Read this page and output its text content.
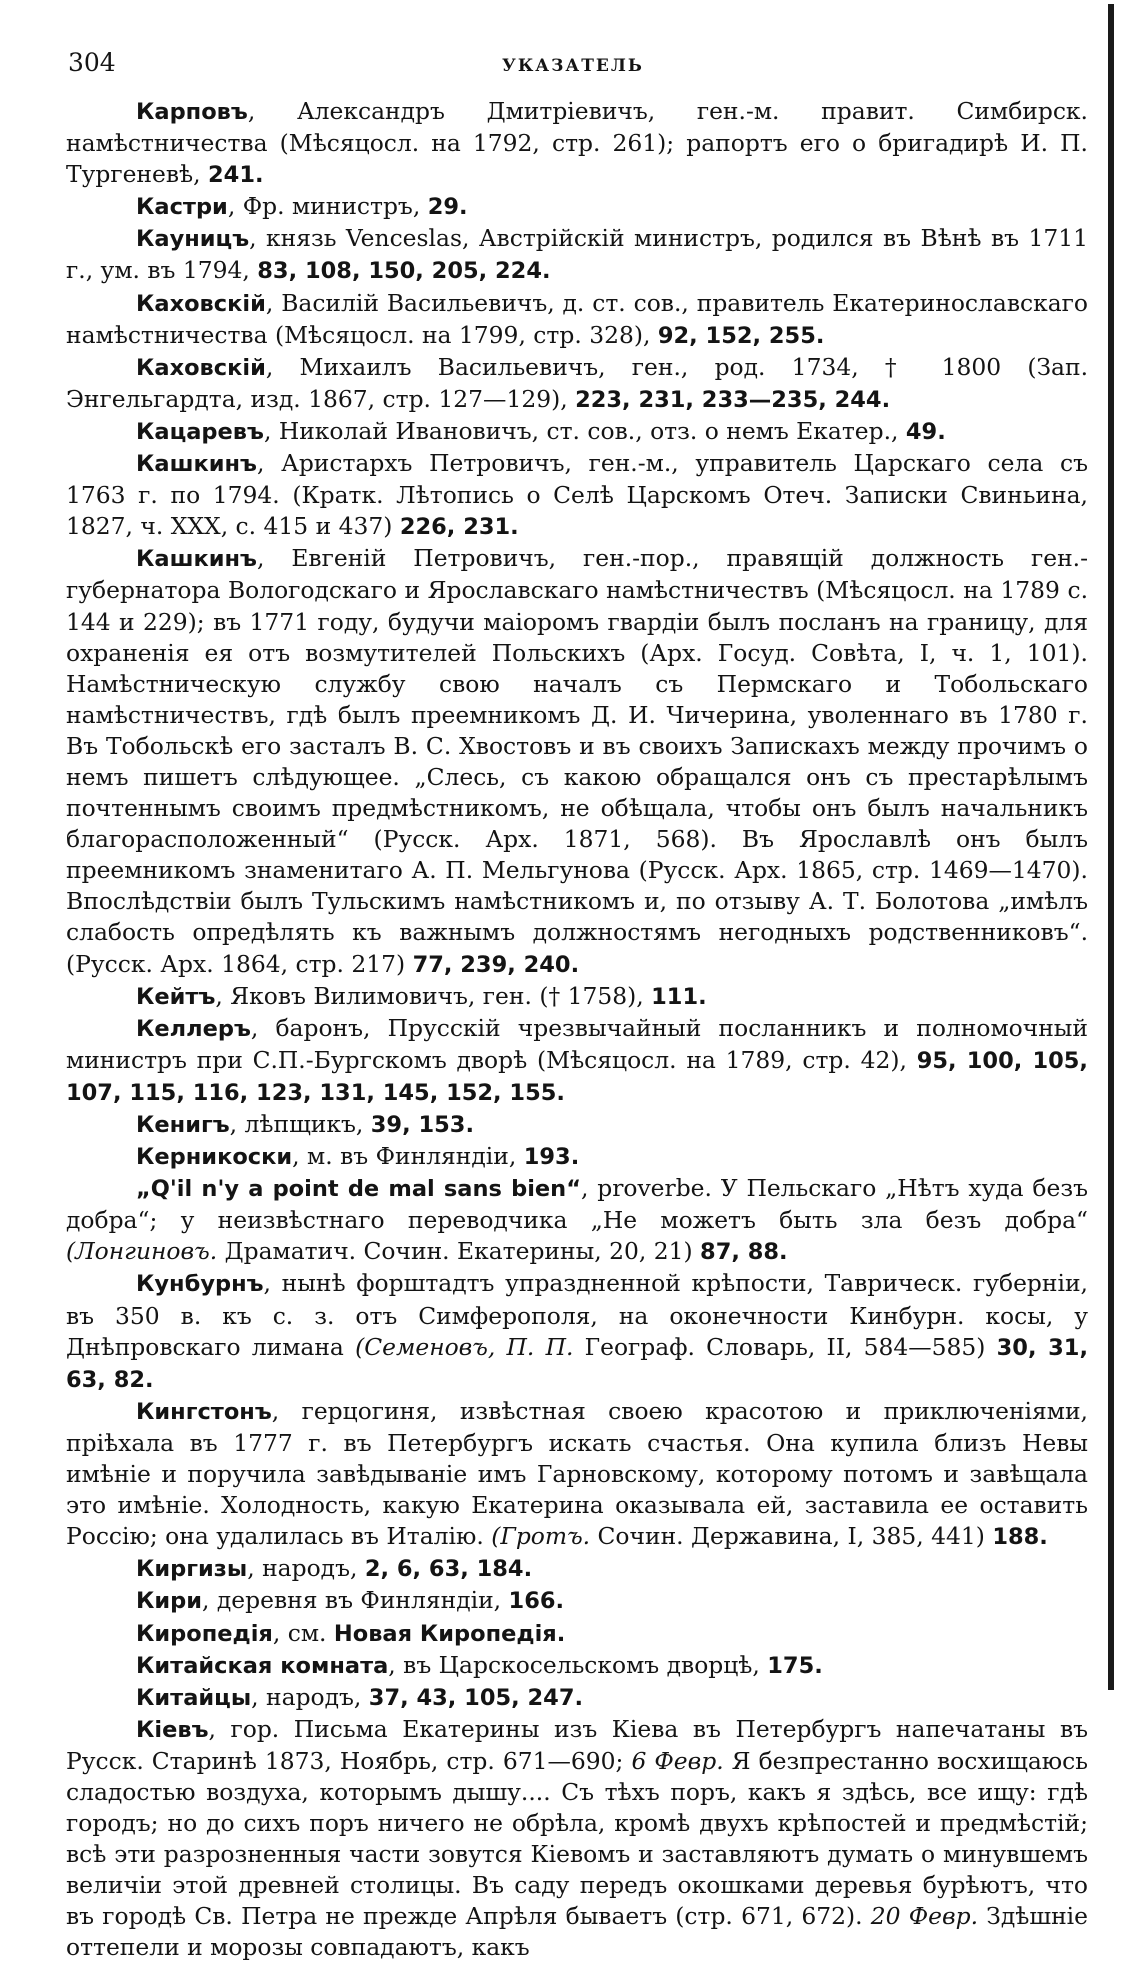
304	УКАЗАТЕЛЬ

Карповъ, Александръ Дмитріевичъ, ген.-м. правит. Симбирск. намѣстничества (Мѣсяцосл. на 1792, стр. 261); рапортъ его о бригадирѣ И. П. Тургеневѣ, 241.

Кастри, Фр. министръ, 29.

Кауницъ, князь Venceslas, Австрійскій министръ, родился въ Вѣнѣ въ 1711 г., ум. въ 1794, 83, 108, 150, 205, 224.

Каховскій, Василій Васильевичъ, д. ст. сов., правитель Екатеринославскаго намѣстничества (Мѣсяцосл. на 1799, стр. 328), 92, 152, 255.

Каховскій, Михаилъ Васильевичъ, ген., род. 1734, † 1800 (Зап. Энгельгардта, изд. 1867, стр. 127—129), 223, 231, 233—235, 244.

Кацаревъ, Николай Ивановичъ, ст. сов., отз. о немъ Екатер., 49.

Кашкинъ, Аристархъ Петровичъ, ген.-м., управитель Царскаго села съ 1763 г. по 1794. (Кратк. Лѣтопись о Селѣ Царскомъ Отеч. Записки Свиньина, 1827, ч. XXX, с. 415 и 437) 226, 231.

Кашкинъ, Евгеній Петровичъ, ген.-пор., правящій должность ген.-губернатора Вологодскаго и Ярославскаго намѣстничествъ (Мѣсяцосл. на 1789 с. 144 и 229); въ 1771 году, будучи маіоромъ гвардіи былъ посланъ на границу, для охраненія ея отъ возмутителей Польскихъ (Арх. Госуд. Совѣта, I, ч. 1, 101). Намѣстническую службу свою началъ съ Пермскаго и Тобольскаго намѣстничествъ, гдѣ былъ преемникомъ Д. И. Чичерина, уволеннаго въ 1780 г. Въ Тобольскѣ его засталъ В. С. Хвостовъ и въ своихъ Запискахъ между прочимъ о немъ пишетъ слѣдующее. „Слесь, съ какою обращался онъ съ престарѣлымъ почтеннымъ своимъ предмѣстникомъ, не обѣщала, чтобы онъ былъ начальникъ благорасположенный“ (Русск. Арх. 1871, 568). Въ Ярославлѣ онъ былъ преемникомъ знаменитаго А. П. Мельгунова (Русск. Арх. 1865, стр. 1469—1470). Впослѣдствіи былъ Тульскимъ намѣстникомъ и, по отзыву А. Т. Болотова „имѣлъ слабость опредѣлять къ важнымъ должностямъ негодныхъ родственниковъ“. (Русск. Арх. 1864, стр. 217) 77, 239, 240.

Кейтъ, Яковъ Вилимовичъ, ген. († 1758), 111.

Келлеръ, баронъ, Прусскій чрезвычайный посланникъ и полномочный министръ при С.П.-Бургскомъ дворѣ (Мѣсяцосл. на 1789, стр. 42), 95, 100, 105, 107, 115, 116, 123, 131, 145, 152, 155.

Кенигъ, лѣпщикъ, 39, 153.

Керникоски, м. въ Финляндіи, 193.

„Q'il n'y a point de mal sans bien“, proverbe. У Пельскаго „Нѣтъ худа безъ добра“; у неизвѣстнаго переводчика „Не можетъ быть зла безъ добра“ (Лонгиновъ. Драматич. Сочин. Екатерины, 20, 21) 87, 88.

Кунбурнъ, нынѣ форштадтъ упраздненной крѣпости, Таврическ. губерніи, въ 350 в. къ с. з. отъ Симферополя, на оконечности Кинбурн. косы, у Днѣпровскаго лимана (Семеновъ, П. П. Географ. Словарь, II, 584—585) 30, 31, 63, 82.

Кингстонъ, герцогиня, извѣстная своею красотою и приключеніями, пріѣхала въ 1777 г. въ Петербургъ искать счастья. Она купила близъ Невы имѣніе и поручила завѣдываніе имъ Гарновскому, которому потомъ и завѣщала это имѣніе. Холодность, какую Екатерина оказывала ей, заставила ее оставить Россію; она удалилась въ Италію. (Гротъ. Сочин. Державина, I, 385, 441) 188.

Киргизы, народъ, 2, 6, 63, 184.

Кири, деревня въ Финляндіи, 166.

Киропедія, см. Новая Киропедія.

Китайская комната, въ Царскосельскомъ дворцѣ, 175.

Китайцы, народъ, 37, 43, 105, 247.

Кіевъ, гор. Письма Екатерины изъ Кіева въ Петербургъ напечатаны въ Русск. Старинѣ 1873, Ноябрь, стр. 671—690; 6 Февр. Я безпрестанно восхищаюсь сладостью воздуха, которымъ дышу.... Съ тѣхъ поръ, какъ я здѣсь, все ищу: гдѣ городъ; но до сихъ поръ ничего не обрѣла, кромѣ двухъ крѣпостей и предмѣстій; всѣ эти разрозненныя части зовутся Кіевомъ и заставляютъ думать о минувшемъ величіи этой древней столицы. Въ саду передъ окошками деревья бурѣютъ, что въ городѣ Св. Петра не прежде Апрѣля бываетъ (стр. 671, 672). 20 Февр. Здѣшніе оттепели и морозы совпадаютъ, какъ
